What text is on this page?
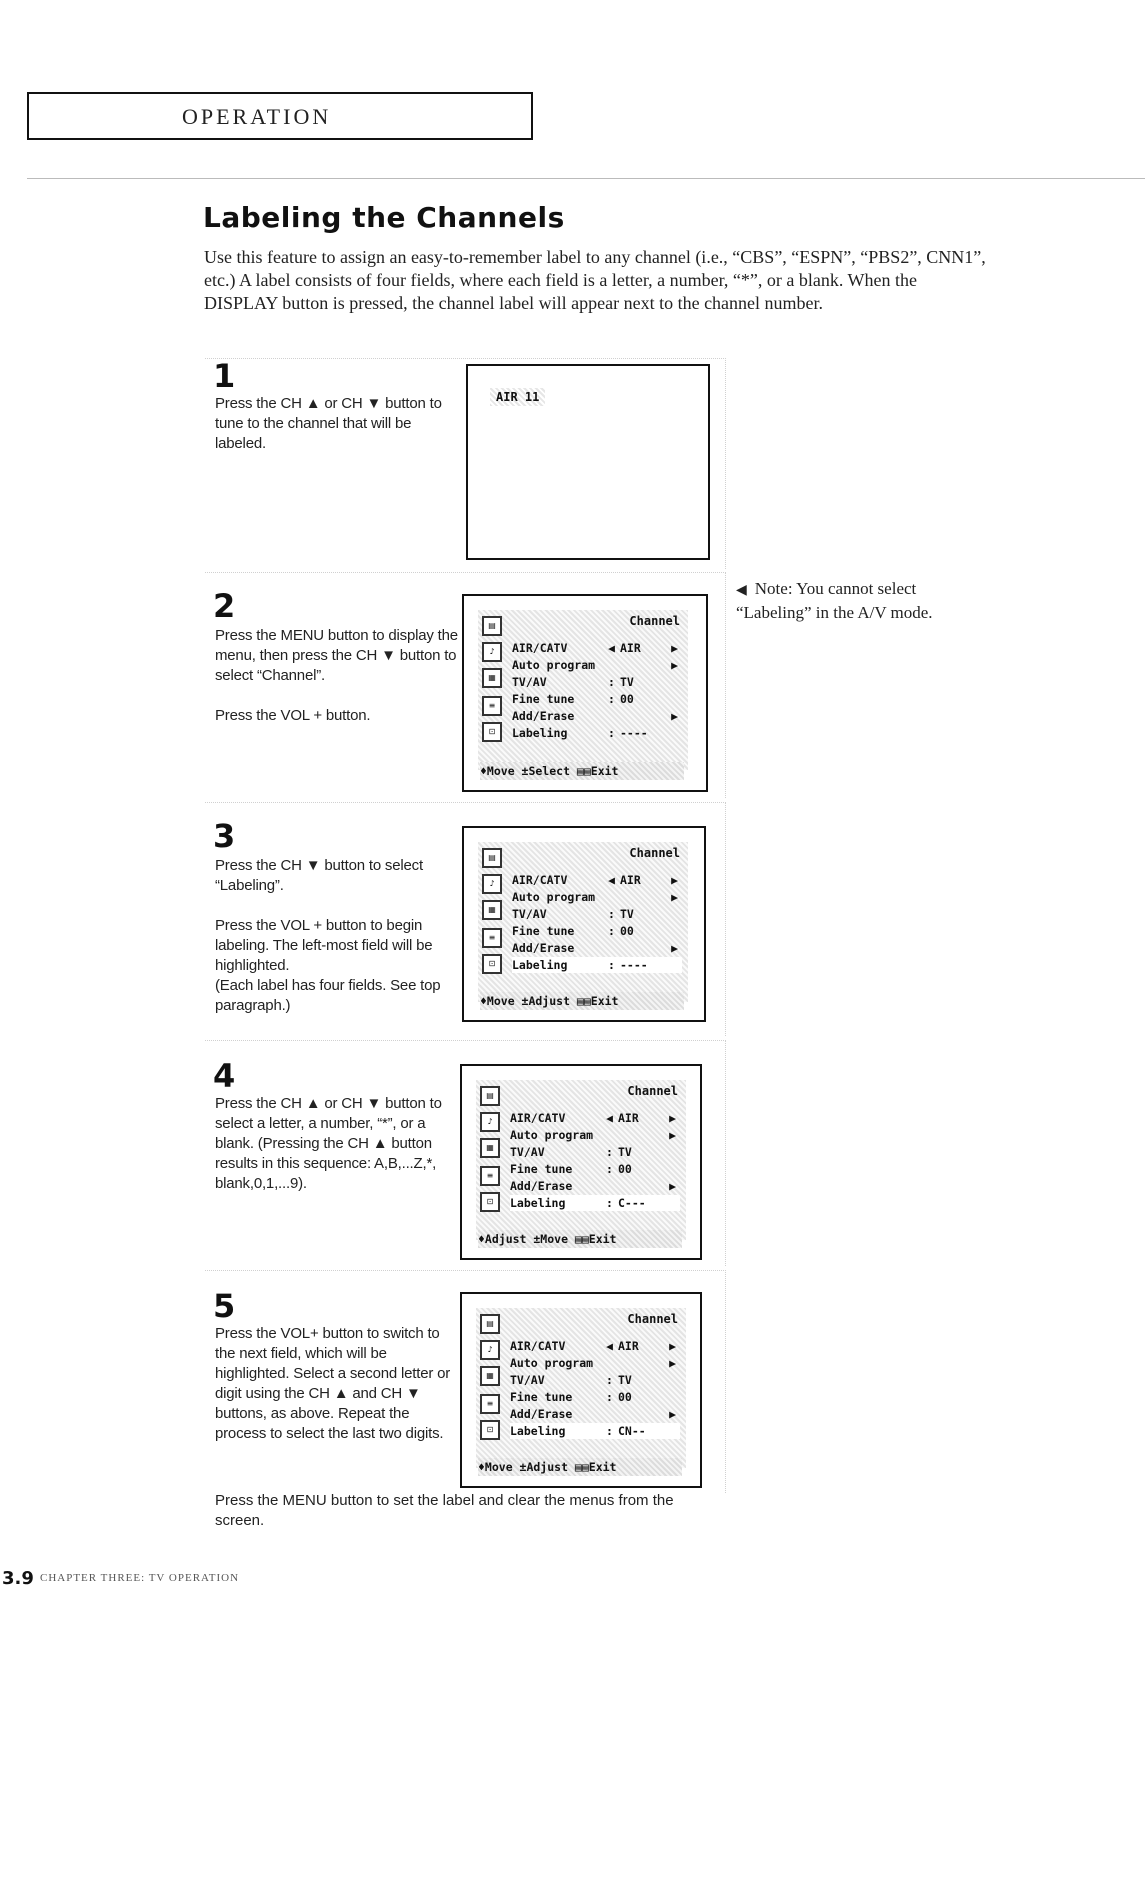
OPERATION
Labeling the Channels

Use this feature to assign an easy-to-remember label to any channel (i.e., “CBS”, “ESPN”, “PBS2”, CNN1”, etc.) A label consists of four fields, where each field is a letter, a number, “*”, or a blank. When the DISPLAY button is pressed, the channel label will appear next to the channel number.

1
Press the CH ▲ or CH ▼ button to tune to the channel that will be labeled.
AIR 11
2
Press the MENU button to display the menu, then press the CH ▼ button to select “Channel”.

Press the VOL + button.
▤
♪
▦
≡
⊡
Channel
AIR/CATV	◀ AIR	▶
Auto program	▶
TV/AV	: TV
Fine tune	: 00
Add/Erase	▶
Labeling	: ----
♦Move ±Select ▤▤Exit
3
Press the CH ▼ button to select “Labeling”.

Press the VOL + button to begin labeling. The left-most field will be highlighted.
(Each label has four fields. See top paragraph.)
▤
♪
▦
≡
⊡
Channel
AIR/CATV	◀ AIR	▶
Auto program	▶
TV/AV	: TV
Fine tune	: 00
Add/Erase	▶
Labeling	: ----
♦Move ±Adjust ▤▤Exit
4
Press the CH ▲ or CH ▼ button to select a letter, a number, “*”, or a blank. (Pressing the CH ▲ button results in this sequence: A,B,...Z,*, blank,0,1,...9).
▤
♪
▦
≡
⊡
Channel
AIR/CATV	◀ AIR	▶
Auto program	▶
TV/AV	: TV
Fine tune	: 00
Add/Erase	▶
Labeling	: C---
♦Adjust ±Move ▤▤Exit
5
Press the VOL+ button to switch to the next field, which will be highlighted. Select a second letter or digit using the CH ▲ and CH ▼ buttons, as above. Repeat the process to select the last two digits.
▤
♪
▦
≡
⊡
Channel
AIR/CATV	◀ AIR	▶
Auto program	▶
TV/AV	: TV
Fine tune	: 00
Add/Erase	▶
Labeling	: CN--
♦Move ±Adjust ▤▤Exit
Press the MENU button to set the label and clear the menus from the screen.
◀ Note: You cannot select
“Labeling” in the A/V mode.
3.9 CHAPTER THREE: TV OPERATION
